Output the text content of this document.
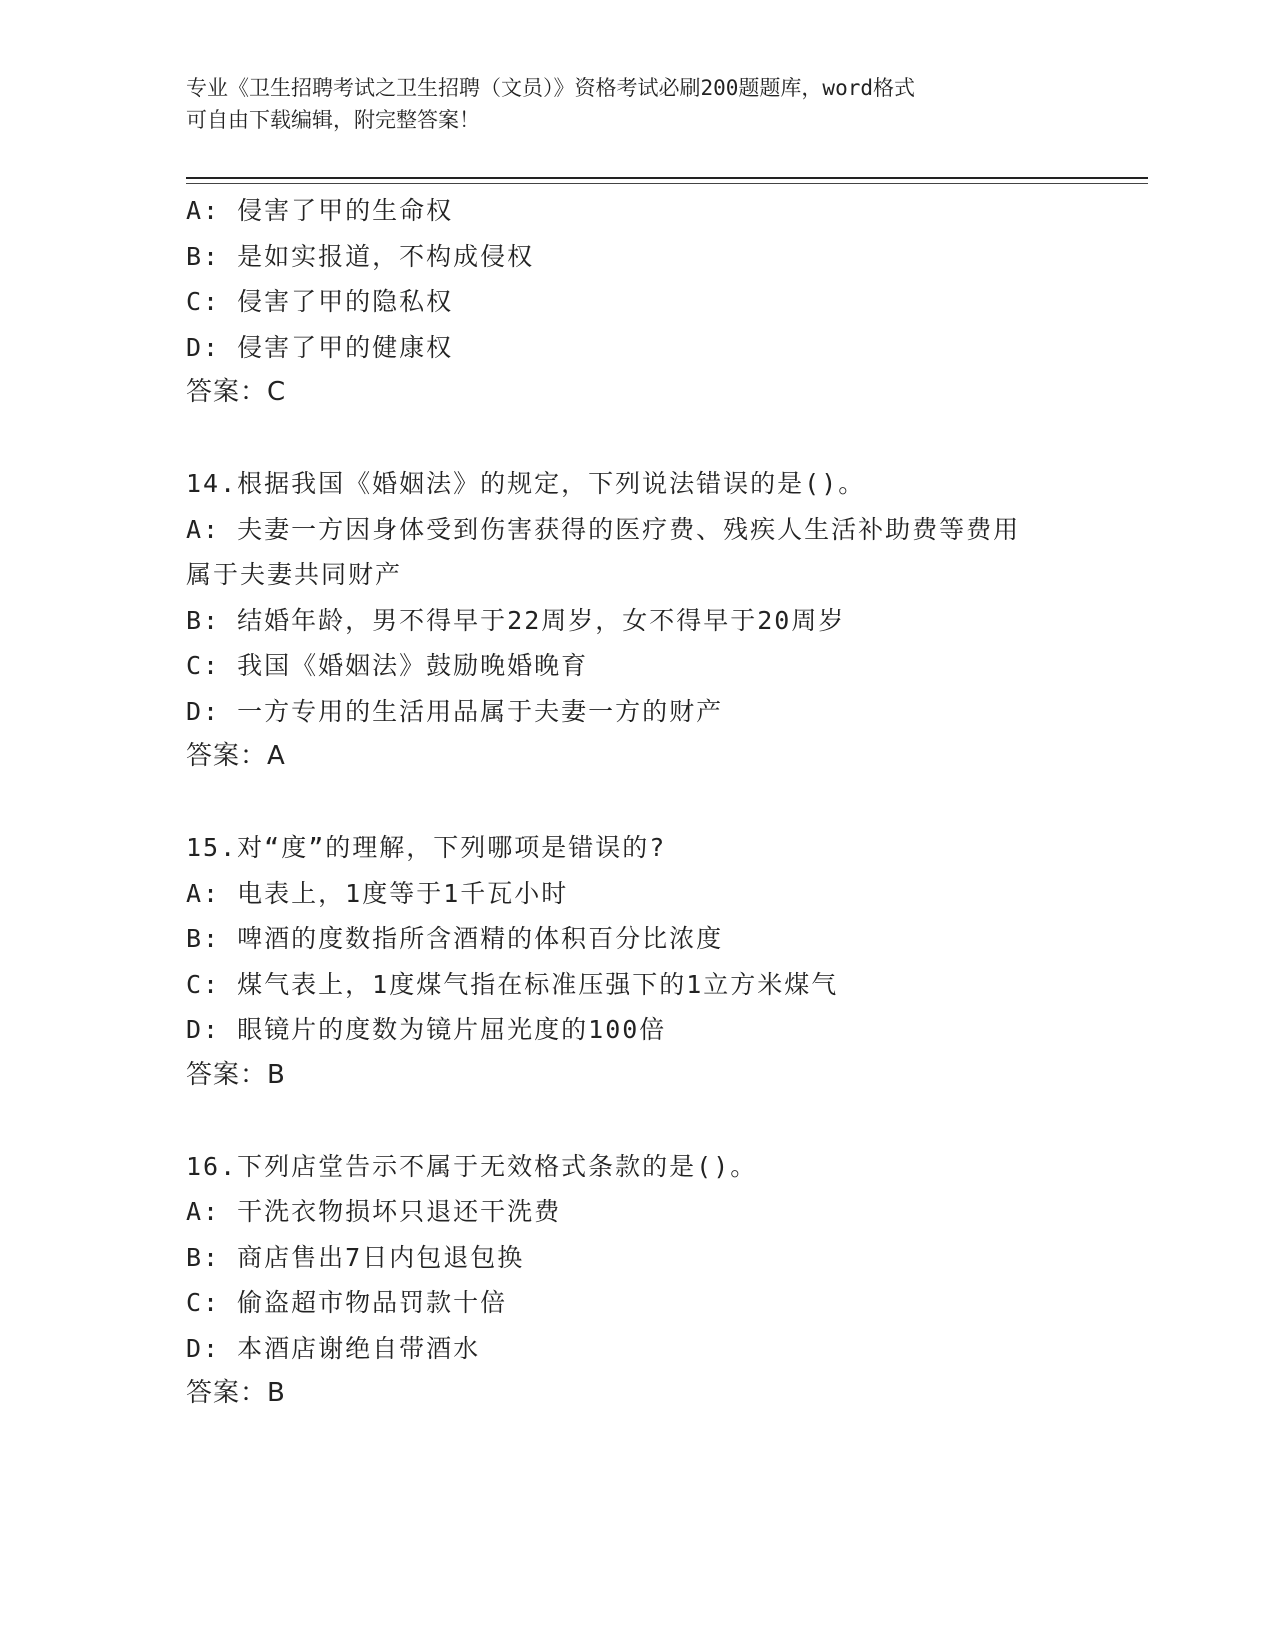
专业《卫生招聘考试之卫生招聘（文员）》资格考试必刷200题题库，word格式
可自由下载编辑，附完整答案！
A: 侵害了甲的生命权
B: 是如实报道，不构成侵权
C: 侵害了甲的隐私权
D: 侵害了甲的健康权
答案：C
14.根据我国《婚姻法》的规定，下列说法错误的是()。
A: 夫妻一方因身体受到伤害获得的医疗费、残疾人生活补助费等费用
属于夫妻共同财产
B: 结婚年龄，男不得早于22周岁，女不得早于20周岁
C: 我国《婚姻法》鼓励晚婚晚育
D: 一方专用的生活用品属于夫妻一方的财产
答案：A
15.对“度”的理解，下列哪项是错误的?
A: 电表上，1度等于1千瓦小时
B: 啤酒的度数指所含酒精的体积百分比浓度
C: 煤气表上，1度煤气指在标准压强下的1立方米煤气
D: 眼镜片的度数为镜片屈光度的100倍
答案：B
16.下列店堂告示不属于无效格式条款的是()。
A: 干洗衣物损坏只退还干洗费
B: 商店售出7日内包退包换
C: 偷盗超市物品罚款十倍
D: 本酒店谢绝自带酒水
答案：B
